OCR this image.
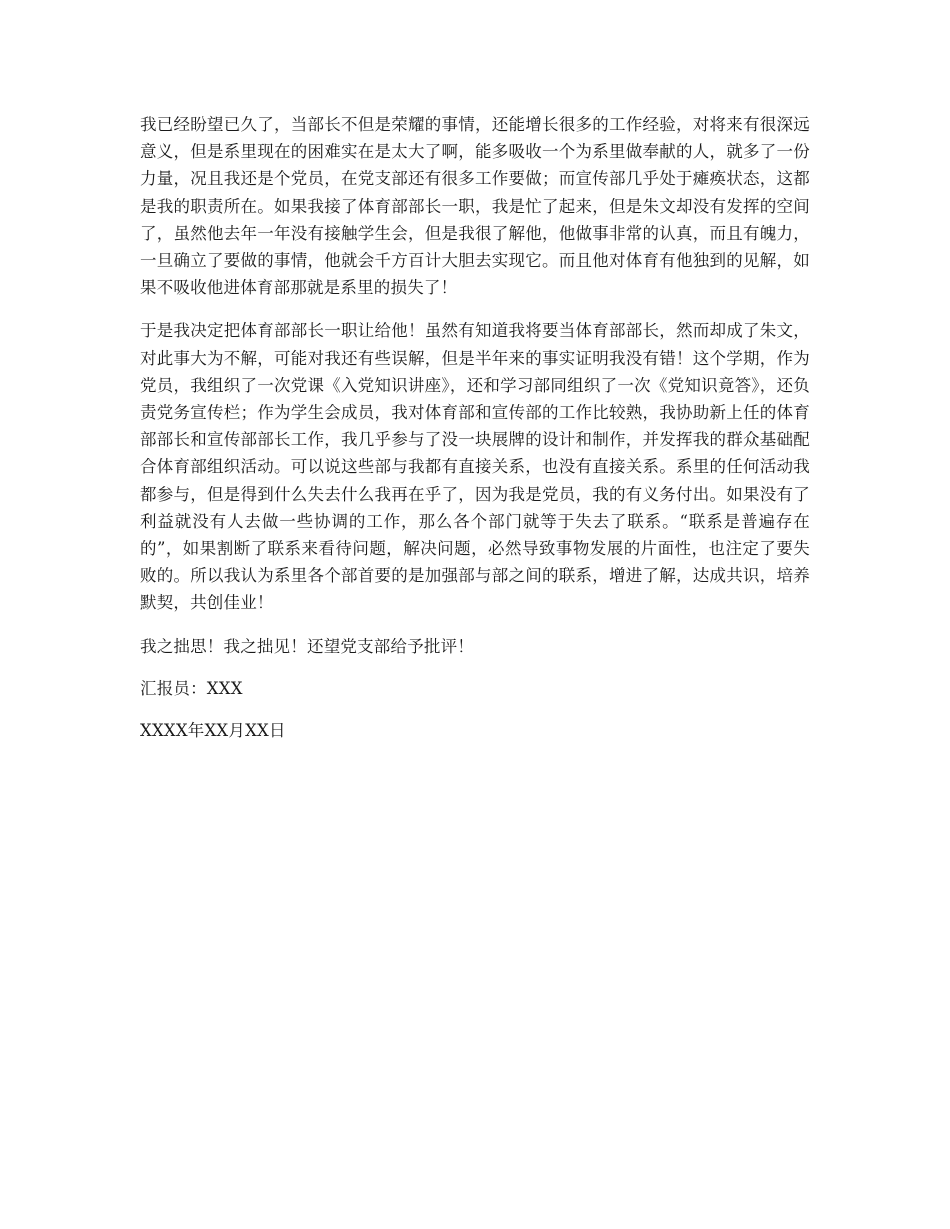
我已经盼望已久了，当部长不但是荣耀的事情，还能增长很多的工作经验，对将来有很深远意义，但是系里现在的困难实在是太大了啊，能多吸收一个为系里做奉献的人，就多了一份力量，况且我还是个党员，在党支部还有很多工作要做；而宣传部几乎处于瘫痪状态，这都是我的职责所在。如果我接了体育部部长一职，我是忙了起来，但是朱文却没有发挥的空间了，虽然他去年一年没有接触学生会，但是我很了解他，他做事非常的认真，而且有魄力，一旦确立了要做的事情，他就会千方百计大胆去实现它。而且他对体育有他独到的见解，如果不吸收他进体育部那就是系里的损失了！

于是我决定把体育部部长一职让给他！虽然有知道我将要当体育部部长，然而却成了朱文，对此事大为不解，可能对我还有些误解，但是半年来的事实证明我没有错！这个学期，作为党员，我组织了一次党课《入党知识讲座》，还和学习部同组织了一次《党知识竟答》，还负责党务宣传栏；作为学生会成员，我对体育部和宣传部的工作比较熟，我协助新上任的体育部部长和宣传部部长工作，我几乎参与了没一块展牌的设计和制作，并发挥我的群众基础配合体育部组织活动。可以说这些部与我都有直接关系，也没有直接关系。系里的任何活动我都参与，但是得到什么失去什么我再在乎了，因为我是党员，我的有义务付出。如果没有了利益就没有人去做一些协调的工作，那么各个部门就等于失去了联系。“联系是普遍存在的”，如果割断了联系来看待问题，解决问题，必然导致事物发展的片面性，也注定了要失败的。所以我认为系里各个部首要的是加强部与部之间的联系，增进了解，达成共识，培养默契，共创佳业！

我之拙思！我之拙见！还望党支部给予批评！

汇报员：XXX

XXXX年XX月XX日
